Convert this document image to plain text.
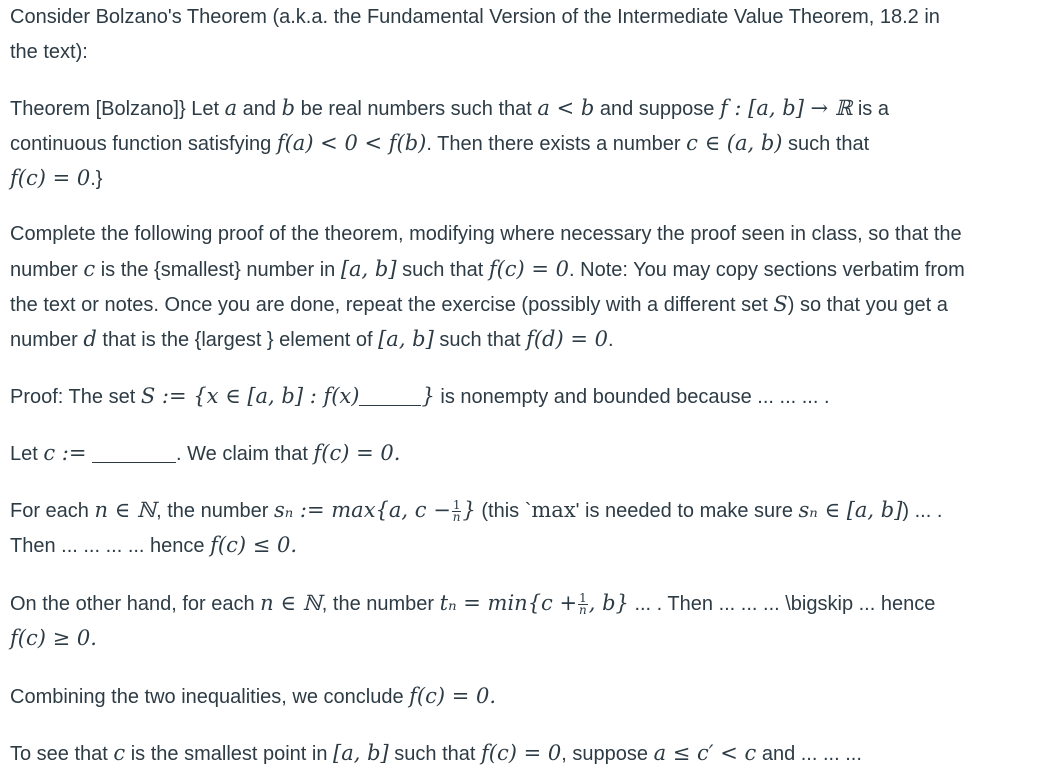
Consider Bolzano's Theorem (a.k.a. the Fundamental Version of the Intermediate Value Theorem, 18.2 in
the text):
Theorem [Bolzano]} Let a and b be real numbers such that a < b and suppose f : [a, b] → ℝ is a
continuous function satisfying f(a) < 0 < f(b). Then there exists a number c ∈ (a, b) such that
f(c) = 0.}
Complete the following proof of the theorem, modifying where necessary the proof seen in class, so that the
number c is the {smallest} number in [a, b] such that f(c) = 0. Note: You may copy sections verbatim from
the text or notes. Once you are done, repeat the exercise (possibly with a different set S) so that you get a
number d that is the {largest } element of [a, b] such that f(d) = 0.
Proof: The set S := {x ∈ [a, b] : f(x)	} is nonempty and bounded because ... ... ... .
Let c :=	. We claim that f(c) = 0.
For each n ∈ ℕ, the number sₙ := max{a, $c - \frac{1}{n}$ } (this `max' is needed to make sure sₙ ∈ [a, b]) ... .
Then ... ... ... ... hence f(c) ≤ 0.
On the other hand, for each n ∈ ℕ, the number $t_n = \min\{c + \frac{1}{n}$ , b} ... . Then ... ... ... \bigskip ... hence
f(c) ≥ 0.
Combining the two inequalities, we conclude f(c) = 0.
To see that c is the smallest point in [a, b] such that f(c) = 0, suppose a ≤ c′ < c and ... ... ...
